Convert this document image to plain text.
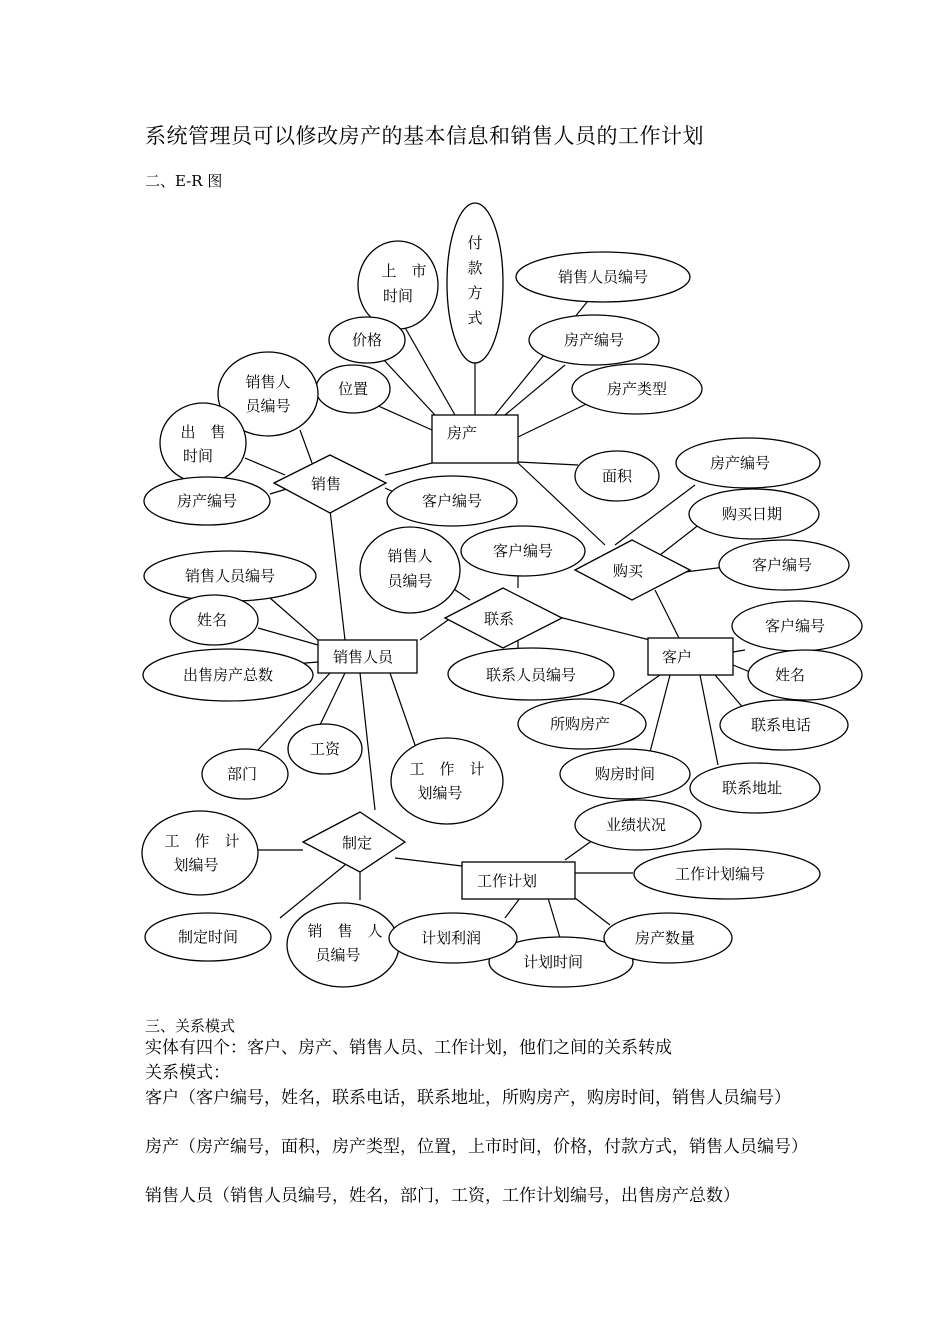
系统管理员可以修改房产的基本信息和销售人员的工作计划
二、E-R 图
上　市
时间
付
款
方
式
销售人员编号
价格	房产编号
位置	房产类型
面积
房产
销售人
员编号
出　售
时间
房产编号	客户编号
销售
房产编号
购买日期
客户编号
购买
销售人
员编号
客户编号
联系
联系人员编号
销售人员编号
姓名
出售房产总数
部门
工资
工　作　计
划编号
销售人员
客户编号
姓名
所购房产	联系电话
购房时间
联系地址
客户
工　作　计
划编号
制定
制定时间	销　售　人
员编号
业绩状况
工作计划编号
计划时间
计划利润	房产数量
工作计划
三、关系模式
实体有四个：客户、房产、销售人员、工作计划，他们之间的关系转成
关系模式：
客户（客户编号，姓名，联系电话，联系地址，所购房产，购房时间，销售人员编号）
房产（房产编号，面积，房产类型，位置，上市时间，价格，付款方式，销售人员编号）
销售人员（销售人员编号，姓名，部门，工资，工作计划编号，出售房产总数）
